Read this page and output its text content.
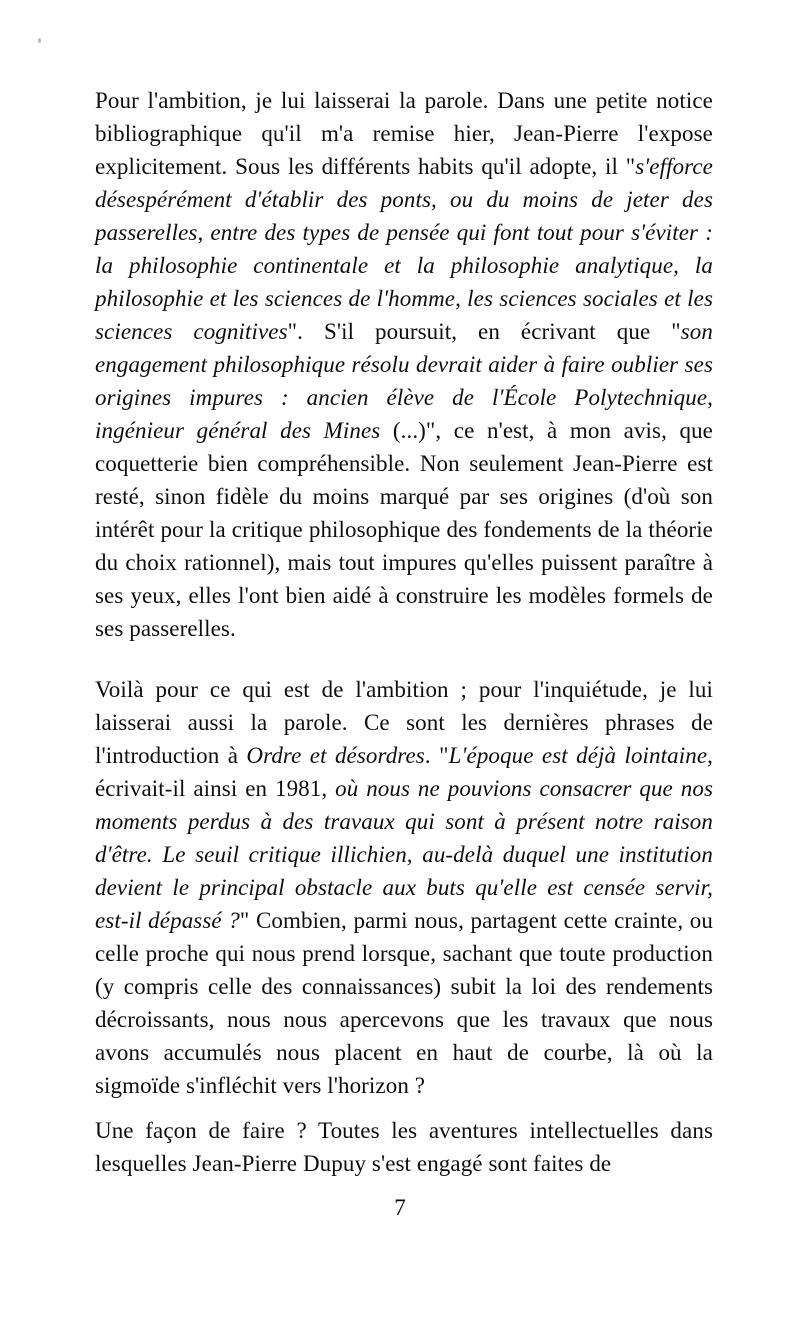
Pour l'ambition, je lui laisserai la parole. Dans une petite notice bibliographique qu'il m'a remise hier, Jean-Pierre l'expose explicitement. Sous les différents habits qu'il adopte, il "s'efforce désespérément d'établir des ponts, ou du moins de jeter des passerelles, entre des types de pensée qui font tout pour s'éviter : la philosophie continentale et la philosophie analytique, la philosophie et les sciences de l'homme, les sciences sociales et les sciences cognitives". S'il poursuit, en écrivant que "son engagement philosophique résolu devrait aider à faire oublier ses origines impures : ancien élève de l'École Polytechnique, ingénieur général des Mines (...)", ce n'est, à mon avis, que coquetterie bien compréhensible. Non seulement Jean-Pierre est resté, sinon fidèle du moins marqué par ses origines (d'où son intérêt pour la critique philosophique des fondements de la théorie du choix rationnel), mais tout impures qu'elles puissent paraître à ses yeux, elles l'ont bien aidé à construire les modèles formels de ses passerelles.

Voilà pour ce qui est de l'ambition ; pour l'inquiétude, je lui laisserai aussi la parole. Ce sont les dernières phrases de l'introduction à Ordre et désordres. "L'époque est déjà lointaine, écrivait-il ainsi en 1981, où nous ne pouvions consacrer que nos moments perdus à des travaux qui sont à présent notre raison d'être. Le seuil critique illichien, au-delà duquel une institution devient le principal obstacle aux buts qu'elle est censée servir, est-il dépassé ?" Combien, parmi nous, partagent cette crainte, ou celle proche qui nous prend lorsque, sachant que toute production (y compris celle des connaissances) subit la loi des rendements décroissants, nous nous apercevons que les travaux que nous avons accumulés nous placent en haut de courbe, là où la sigmoïde s'infléchit vers l'horizon ?

Une façon de faire ? Toutes les aventures intellectuelles dans lesquelles Jean-Pierre Dupuy s'est engagé sont faites de

7
